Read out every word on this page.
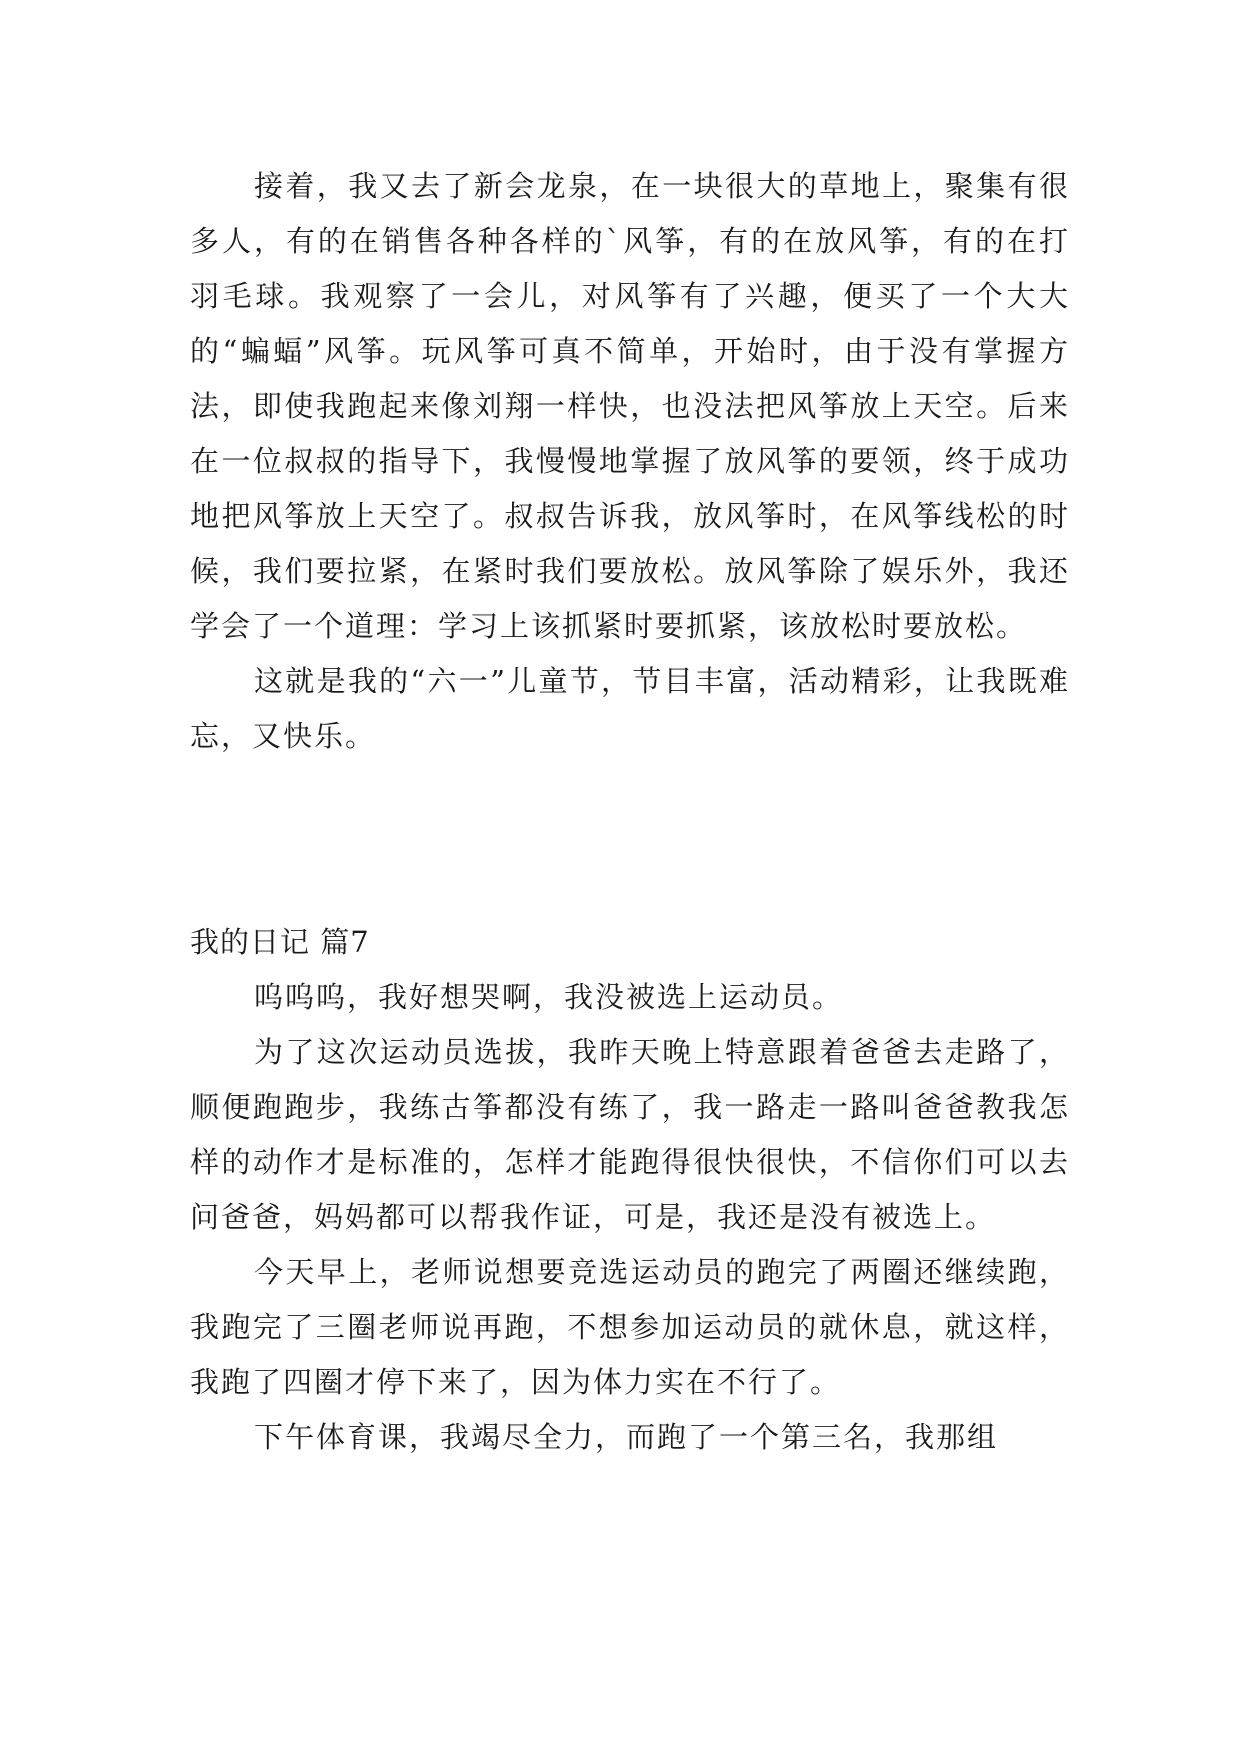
接着，我又去了新会龙泉，在一块很大的草地上，聚集有很多人，有的在销售各种各样的`风筝，有的在放风筝，有的在打羽毛球。我观察了一会儿，对风筝有了兴趣，便买了一个大大的“蝙蝠”风筝。玩风筝可真不简单，开始时，由于没有掌握方法，即使我跑起来像刘翔一样快，也没法把风筝放上天空。后来在一位叔叔的指导下，我慢慢地掌握了放风筝的要领，终于成功地把风筝放上天空了。叔叔告诉我，放风筝时，在风筝线松的时候，我们要拉紧，在紧时我们要放松。放风筝除了娱乐外，我还学会了一个道理：学习上该抓紧时要抓紧，该放松时要放松。

这就是我的“六一”儿童节，节目丰富，活动精彩，让我既难忘，又快乐。

我的日记 篇7

呜呜呜，我好想哭啊，我没被选上运动员。

为了这次运动员选拔，我昨天晚上特意跟着爸爸去走路了，顺便跑跑步，我练古筝都没有练了，我一路走一路叫爸爸教我怎样的动作才是标准的，怎样才能跑得很快很快，不信你们可以去问爸爸，妈妈都可以帮我作证，可是，我还是没有被选上。

今天早上，老师说想要竞选运动员的跑完了两圈还继续跑，我跑完了三圈老师说再跑，不想参加运动员的就休息，就这样，我跑了四圈才停下来了，因为体力实在不行了。

下午体育课，我竭尽全力，而跑了一个第三名，我那组
